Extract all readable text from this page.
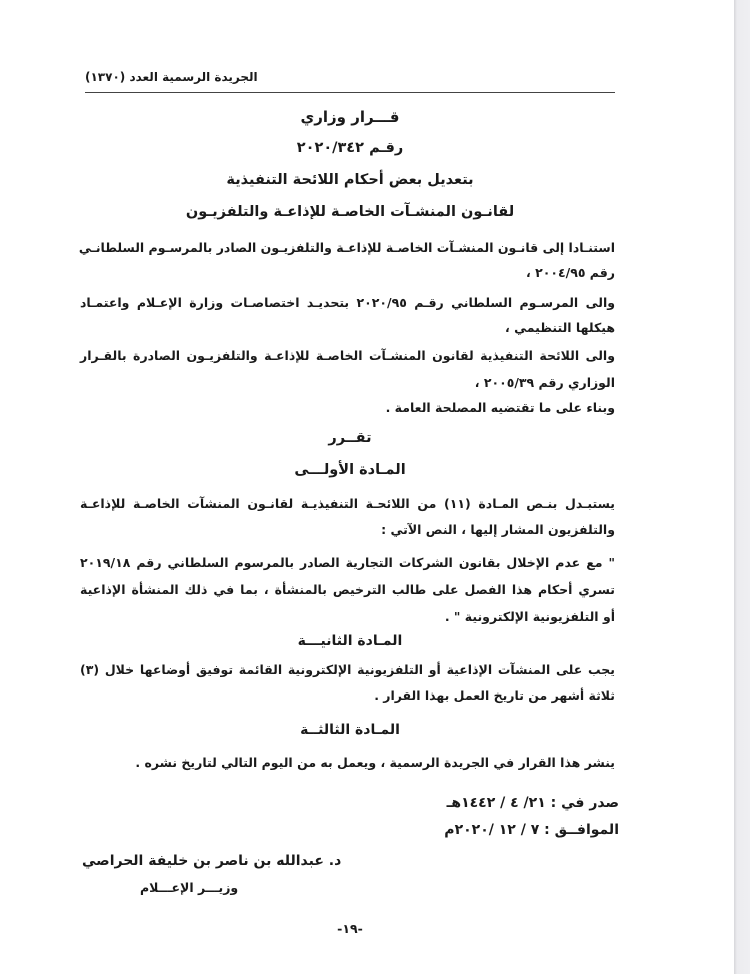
الجريدة الرسمية العدد (١٣٧٠)
قـــرار وزاري
رقـم ٢٠٢٠/٣٤٢
بتعديل بعض أحكام اللائحة التنفيذية
لقانـون المنشـآت الخاصـة للإذاعـة والتلفزيـون
استنـادا إلى قانـون المنشـآت الخاصـة للإذاعـة والتلفزيـون الصادر بالمرسـوم السلطانـي
رقم ٢٠٠٤/٩٥ ،
والى المرسـوم السلطاني رقـم ٢٠٢٠/٩٥ بتحديـد اختصاصـات وزارة الإعـلام واعتمـاد
هيكلها التنظيمي ،
والى اللائحة التنفيذية لقانون المنشـآت الخاصـة للإذاعـة والتلفزيـون الصادرة بالقـرار
الوزاري رقم ٢٠٠٥/٣٩ ،
وبناء على ما تقتضيه المصلحة العامة .
تقــرر
المـادة الأولـــى
يستبـدل بنـص المـادة (١١) من اللائحـة التنفيذيـة لقانـون المنشآت الخاصـة للإذاعـة
والتلفزيون المشار إليها ، النص الآتي :
" مع عدم الإخلال بقانون الشركات التجارية الصادر بالمرسوم السلطاني رقم ٢٠١٩/١٨
تسري أحكام هذا الفصل على طالب الترخيص بالمنشأة ، بما في ذلك المنشأة الإذاعية
أو التلفزيونية الإلكترونية " .
المـادة الثانيـــة
يجب على المنشآت الإذاعية أو التلفزيونية الإلكترونية القائمة توفيق أوضاعها خلال (٣)
ثلاثة أشهر من تاريخ العمل بهذا القرار .
المـادة الثالثــة
ينشر هذا القرار في الجريدة الرسمية ، ويعمل به من اليوم التالي لتاريخ نشره .
صدر في : ٢١/ ٤ / ١٤٤٢هـ
الموافــق : ٧ / ١٢ /٢٠٢٠م
د. عبدالله بن ناصر بن خليفة الحراصي
وزيـــر الإعـــلام
-١٩-
